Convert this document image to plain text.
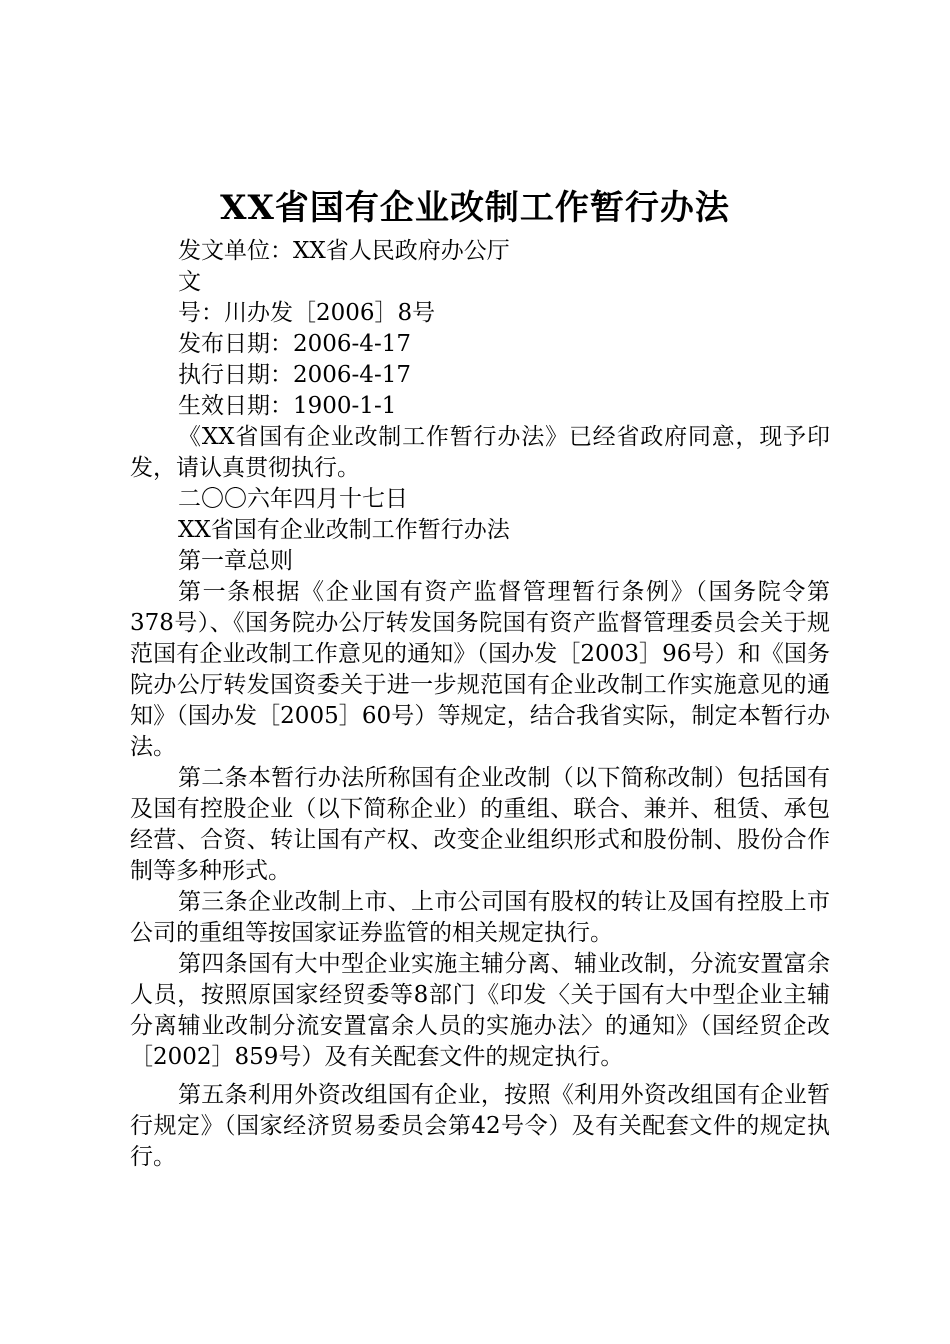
XX省国有企业改制工作暂行办法

发文单位：XX省人民政府办公厅

文

号：川办发［2006］8号

发布日期：2006-4-17

执行日期：2006-4-17

生效日期：1900-1-1

《XX省国有企业改制工作暂行办法》已经省政府同意，现予印发，请认真贯彻执行。

二〇〇六年四月十七日

XX省国有企业改制工作暂行办法

第一章总则

第一条根据《企业国有资产监督管理暂行条例》（国务院令第378号）、《国务院办公厅转发国务院国有资产监督管理委员会关于规范国有企业改制工作意见的通知》（国办发［2003］96号）和《国务院办公厅转发国资委关于进一步规范国有企业改制工作实施意见的通知》（国办发［2005］60号）等规定，结合我省实际，制定本暂行办法。

第二条本暂行办法所称国有企业改制（以下简称改制）包括国有及国有控股企业（以下简称企业）的重组、联合、兼并、租赁、承包经营、合资、转让国有产权、改变企业组织形式和股份制、股份合作制等多种形式。

第三条企业改制上市、上市公司国有股权的转让及国有控股上市公司的重组等按国家证券监管的相关规定执行。

第四条国有大中型企业实施主辅分离、辅业改制，分流安置富余人员，按照原国家经贸委等8部门《印发〈关于国有大中型企业主辅分离辅业改制分流安置富余人员的实施办法〉的通知》（国经贸企改［2002］859号）及有关配套文件的规定执行。

第五条利用外资改组国有企业，按照《利用外资改组国有企业暂行规定》（国家经济贸易委员会第42号令）及有关配套文件的规定执行。
